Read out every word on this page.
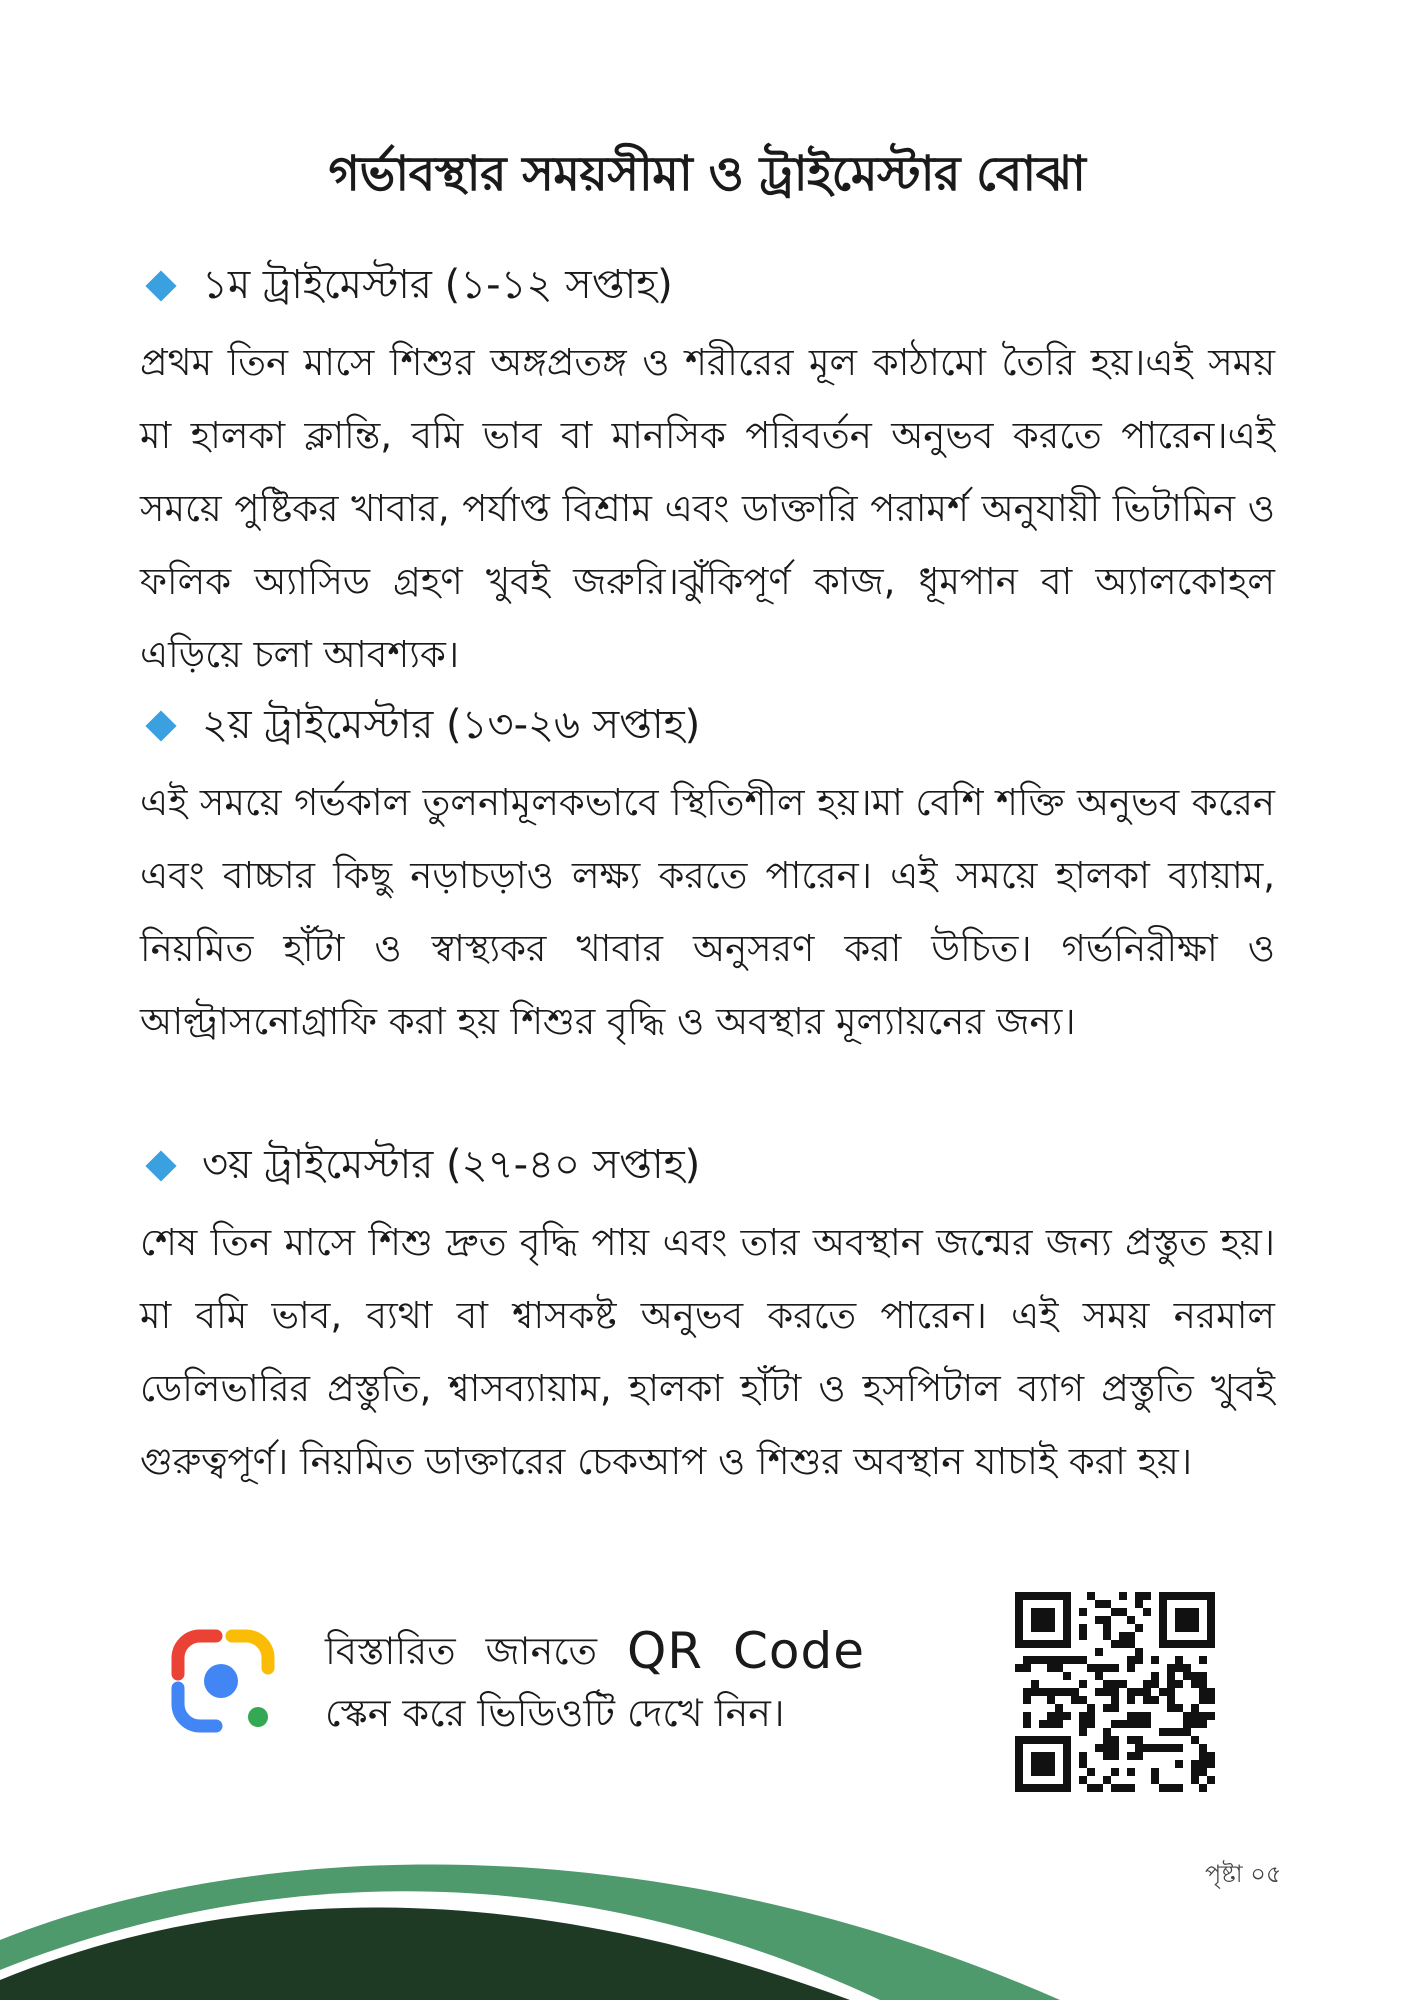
গর্ভাবস্থার সময়সীমা ও ট্রাইমেস্টার বোঝা
১ম ট্রাইমেস্টার (১-১২ সপ্তাহ)

প্রথম তিন মাসে শিশুর অঙ্গপ্রতঙ্গ ও শরীরের মূল কাঠামো তৈরি হয়।এই সময় মা হালকা ক্লান্তি, বমি ভাব বা মানসিক পরিবর্তন অনুভব করতে পারেন।এই সময়ে পুষ্টিকর খাবার, পর্যাপ্ত বিশ্রাম এবং ডাক্তারি পরামর্শ অনুযায়ী ভিটামিন ও ফলিক অ্যাসিড গ্রহণ খুবই জরুরি।ঝুঁকিপূর্ণ কাজ, ধূমপান বা অ্যালকোহল এড়িয়ে চলা আবশ্যক।

২য় ট্রাইমেস্টার (১৩-২৬ সপ্তাহ)

এই সময়ে গর্ভকাল তুলনামূলকভাবে স্থিতিশীল হয়।মা বেশি শক্তি অনুভব করেন এবং বাচ্চার কিছু নড়াচড়াও লক্ষ্য করতে পারেন। এই সময়ে হালকা ব্যায়াম, নিয়মিত হাঁটা ও স্বাস্থ্যকর খাবার অনুসরণ করা উচিত। গর্ভনিরীক্ষা ও আল্ট্রাসনোগ্রাফি করা হয় শিশুর বৃদ্ধি ও অবস্থার মূল্যায়নের জন্য।

৩য় ট্রাইমেস্টার (২৭-৪০ সপ্তাহ)

শেষ তিন মাসে শিশু দ্রুত বৃদ্ধি পায় এবং তার অবস্থান জন্মের জন্য প্রস্তুত হয়। মা বমি ভাব, ব্যথা বা শ্বাসকষ্ট অনুভব করতে পারেন। এই সময় নরমাল ডেলিভারির প্রস্তুতি, শ্বাসব্যায়াম, হালকা হাঁটা ও হসপিটাল ব্যাগ প্রস্তুতি খুবই গুরুত্বপূর্ণ। নিয়মিত ডাক্তারের চেকআপ ও শিশুর অবস্থান যাচাই করা হয়।

বিস্তারিত জানতে QR Code
স্কেন করে ভিডিওটি দেখে নিন।
পৃষ্টা ০৫
